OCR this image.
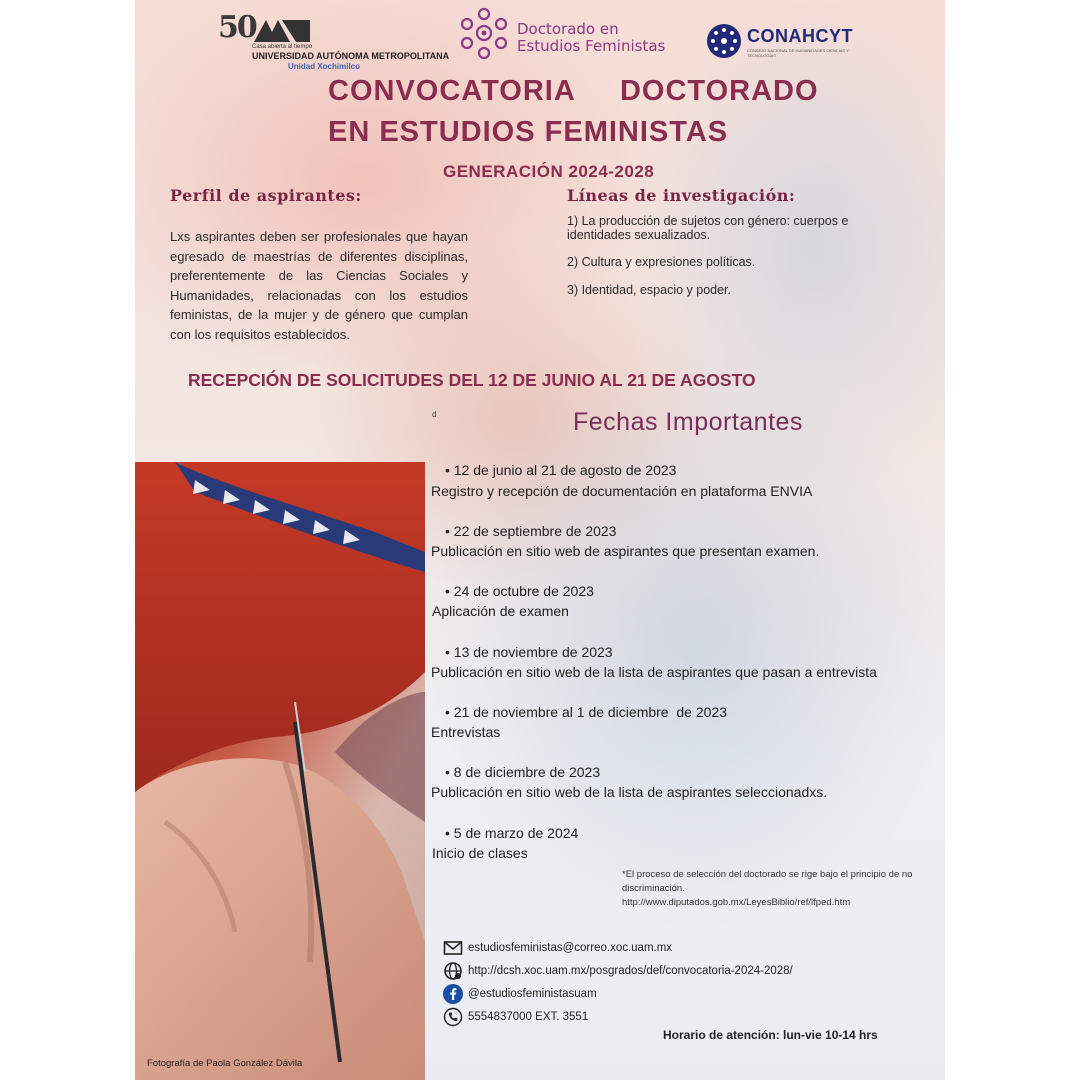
50
Casa abierta al tiempo
UNIVERSIDAD AUTÓNOMA METROPOLITANA
Unidad Xochimilco
Doctorado en
Estudios Feministas	CONAHCYT
CONSEJO NACIONAL DE HUMANIDADES CIENCIAS Y TECNOLOGÍAS
CONVOCATORIA     DOCTORADO
EN ESTUDIOS FEMINISTAS
GENERACIÓN 2024-2028
Perfil de aspirantes:
Lxs aspirantes deben ser profesionales que hayan egresado de maestrías de diferentes disciplinas, preferentemente de las Ciencias Sociales y Humanidades, relacionadas con los estudios feministas, de la mujer y de género que cumplan con los requisitos establecidos.
Líneas de investigación:
1) La producción de sujetos con género: cuerpos e identidades sexualizados.
2) Cultura y expresiones políticas.
3) Identidad, espacio y poder.
RECEPCIÓN DE SOLICITUDES DEL 12 DE JUNIO AL 21 DE AGOSTO
d	Fechas Importantes
Fotografía de Paola González Dávila
• 12 de junio al 21 de agosto de 2023
Registro y recepción de documentación en plataforma ENVIA
• 22 de septiembre de 2023
Publicación en sitio web de aspirantes que presentan examen.
• 24 de octubre de 2023
Aplicación de examen
• 13 de noviembre de 2023
Publicación en sitio web de la lista de aspirantes que pasan a entrevista
• 21 de noviembre al 1 de diciembre  de 2023
Entrevistas
• 8 de diciembre de 2023
Publicación en sitio web de la lista de aspirantes seleccionadxs.
• 5 de marzo de 2024
Inicio de clases
*El proceso de selección del doctorado se rige bajo el principio de no discriminación.
http://www.diputados.gob.mx/LeyesBiblio/ref/lfped.htm
estudiosfeministas@correo.xoc.uam.mx
http://dcsh.xoc.uam.mx/posgrados/def/convocatoria-2024-2028/
@estudiosfeministasuam
5554837000 EXT. 3551
Horario de atención: lun-vie 10-14 hrs
